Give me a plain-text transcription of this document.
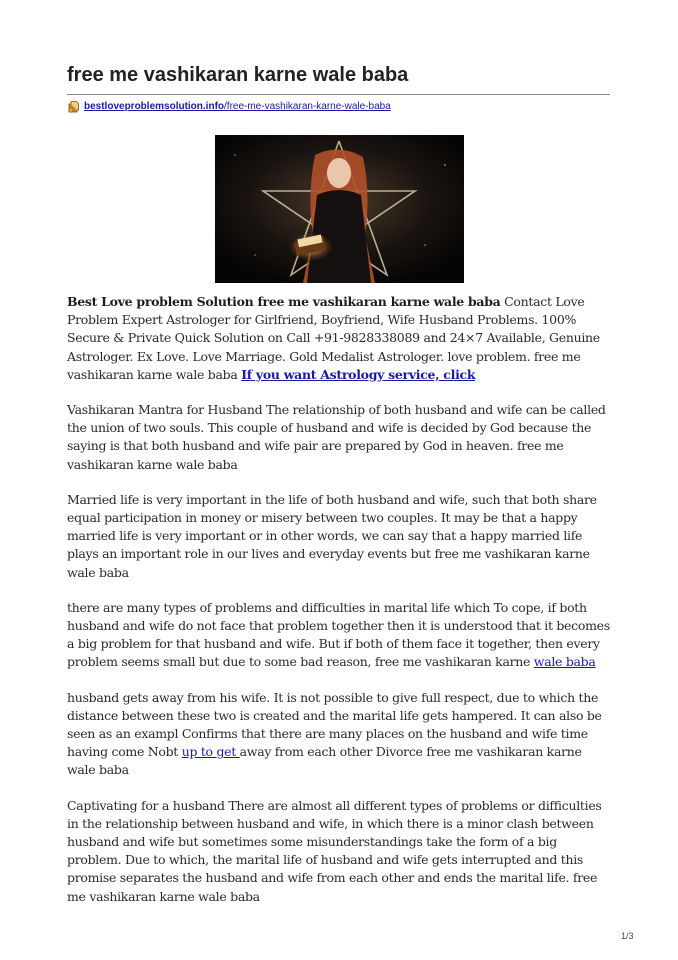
free me vashikaran karne wale baba
bestloveproblemsolution.info/free-me-vashikaran-karne-wale-baba

Best Love problem Solution free me vashikaran karne wale baba Contact Love Problem Expert Astrologer for Girlfriend, Boyfriend, Wife Husband Problems. 100% Secure & Private Quick Solution on Call +91-9828338089 and 24×7 Available, Genuine Astrologer. Ex Love. Love Marriage. Gold Medalist Astrologer. love problem. free me vashikaran karne wale baba If you want Astrology service, click

Vashikaran Mantra for Husband The relationship of both husband and wife can be called the union of two souls. This couple of husband and wife is decided by God because the saying is that both husband and wife pair are prepared by God in heaven. free me vashikaran karne wale baba

Married life is very important in the life of both husband and wife, such that both share equal participation in money or misery between two couples. It may be that a happy married life is very important or in other words, we can say that a happy married life plays an important role in our lives and everyday events but free me vashikaran karne wale baba

there are many types of problems and difficulties in marital life which To cope, if both husband and wife do not face that problem together then it is understood that it becomes a big problem for that husband and wife. But if both of them face it together, then every problem seems small but due to some bad reason, free me vashikaran karne wale baba

husband gets away from his wife. It is not possible to give full respect, due to which the distance between these two is created and the marital life gets hampered. It can also be seen as an exampl Confirms that there are many places on the husband and wife time having come Nobt up to get away from each other Divorce free me vashikaran karne wale baba

Captivating for a husband There are almost all different types of problems or difficulties in the relationship between husband and wife, in which there is a minor clash between husband and wife but sometimes some misunderstandings take the form of a big problem. Due to which, the marital life of husband and wife gets interrupted and this promise separates the husband and wife from each other and ends the marital life. free me vashikaran karne wale baba

1/3
